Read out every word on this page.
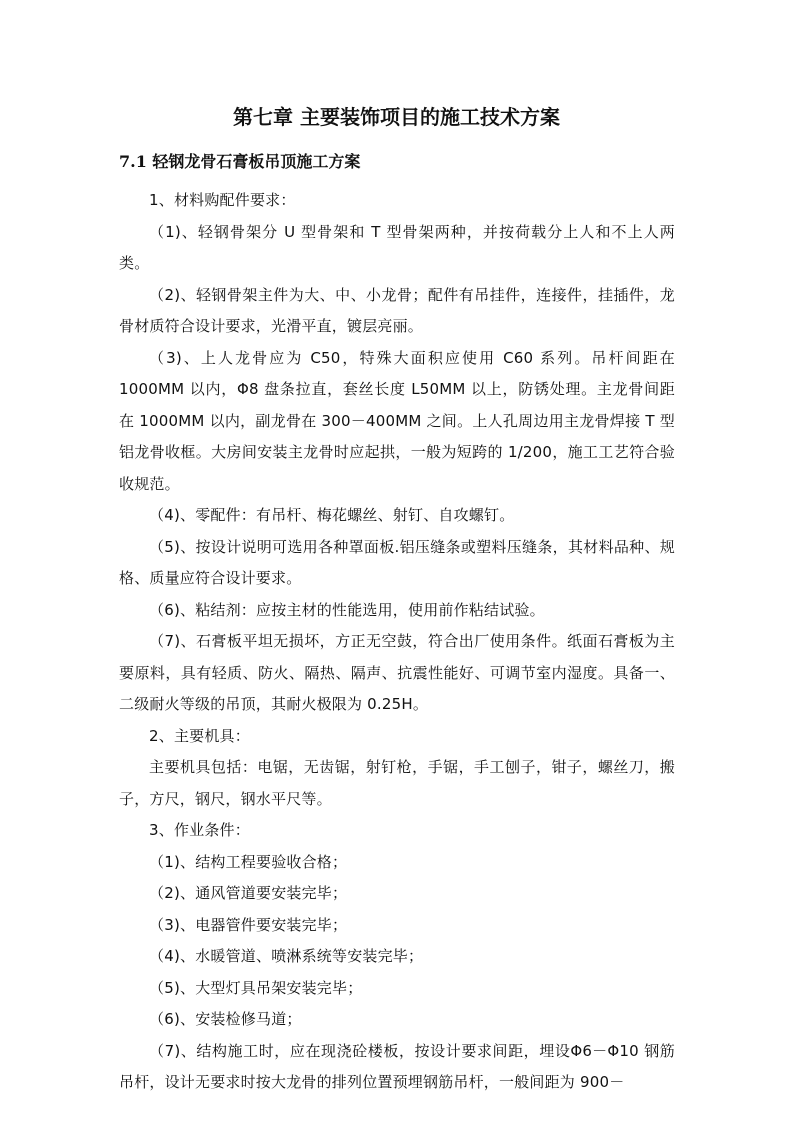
第七章 主要装饰项目的施工技术方案
7.1 轻钢龙骨石膏板吊顶施工方案

1、材料购配件要求：

（1)、轻钢骨架分 U 型骨架和 T 型骨架两种，并按荷载分上人和不上人两类。

（2)、轻钢骨架主件为大、中、小龙骨；配件有吊挂件，连接件，挂插件，龙骨材质符合设计要求，光滑平直，镀层亮丽。

（3)、上人龙骨应为 C50，特殊大面积应使用 C60 系列。吊杆间距在 1000MM 以内，Φ8 盘条拉直，套丝长度 L50MM 以上，防锈处理。主龙骨间距在 1000MM 以内，副龙骨在 300－400MM 之间。上人孔周边用主龙骨焊接 T 型铝龙骨收框。大房间安装主龙骨时应起拱，一般为短跨的 1/200，施工工艺符合验收规范。

（4)、零配件：有吊杆、梅花螺丝、射钉、自攻螺钉。

（5)、按设计说明可选用各种罩面板.铝压缝条或塑料压缝条，其材料品种、规格、质量应符合设计要求。

（6)、粘结剂：应按主材的性能选用，使用前作粘结试验。

（7)、石膏板平坦无损坏，方正无空鼓，符合出厂使用条件。纸面石膏板为主要原料，具有轻质、防火、隔热、隔声、抗震性能好、可调节室内湿度。具备一、二级耐火等级的吊顶，其耐火极限为 0.25H。

2、主要机具：

主要机具包括：电锯，无齿锯，射钉枪，手锯，手工刨子，钳子，螺丝刀，搬子，方尺，钢尺，钢水平尺等。

3、作业条件：

（1)、结构工程要验收合格；

（2)、通风管道要安装完毕；

（3)、电器管件要安装完毕；

（4)、水暖管道、喷淋系统等安装完毕；

（5)、大型灯具吊架安装完毕；

（6)、安装检修马道；

（7)、结构施工时，应在现浇砼楼板，按设计要求间距，埋设Φ6－Φ10 钢筋吊杆，设计无要求时按大龙骨的排列位置预埋钢筋吊杆，一般间距为 900－
